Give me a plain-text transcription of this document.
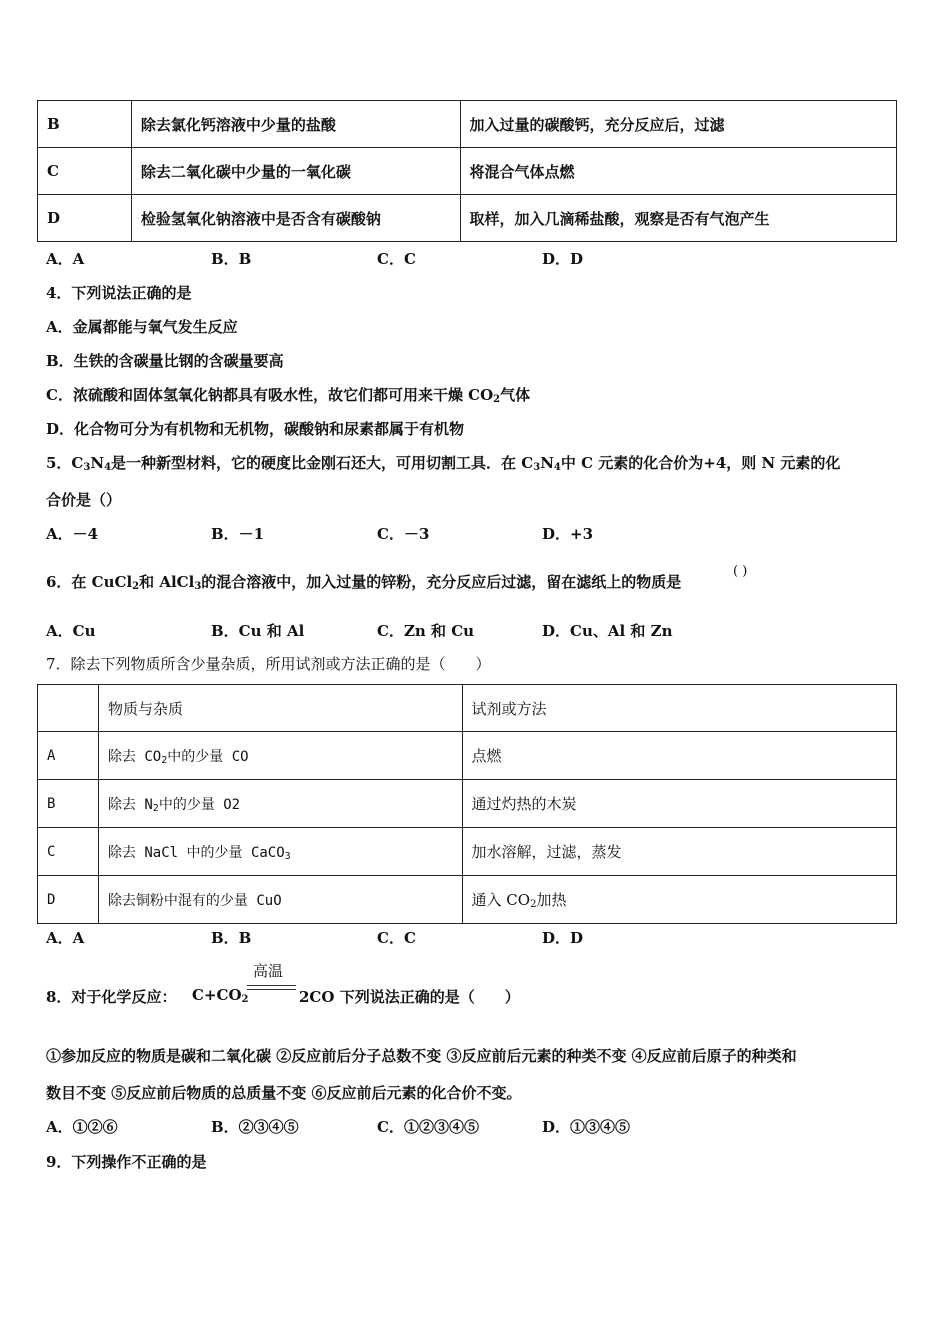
B	除去氯化钙溶液中少量的盐酸	加入过量的碳酸钙，充分反应后，过滤
C	除去二氧化碳中少量的一氧化碳	将混合气体点燃
D	检验氢氧化钠溶液中是否含有碳酸钠	取样，加入几滴稀盐酸，观察是否有气泡产生
A．A	B．B	C．C	D．D
4．下列说法正确的是
A．金属都能与氧气发生反应
B．生铁的含碳量比钢的含碳量要高
C．浓硫酸和固体氢氧化钠都具有吸水性，故它们都可用来干燥 $CO_2$气体
D．化合物可分为有机物和无机物，碳酸钠和尿素都属于有机物
5．$C_3N_4$是一种新型材料，它的硬度比金刚石还大，可用切割工具．在 $C_3N_4$中 C 元素的化合价为+4，则 N 元素的化
合价是（）
A．－4	B．－1	C．－3	D．+3
6．在 CuCl$_2$和 AlCl$_3$的混合溶液中，加入过量的锌粉，充分反应后过滤，留在滤纸上的物质是
( )
A．Cu	B．Cu 和 Al	C．Zn 和 Cu	D．Cu、Al 和 Zn
7．除去下列物质所含少量杂质，所用试剂或方法正确的是（　　）
	物质与杂质	试剂或方法
A	除去 $CO_2$中的少量 CO	点燃
B	除去 $N_2$中的少量 O2	通过灼热的木炭
C	除去 NaCl 中的少量 CaCO$_3$	加水溶解，过滤，蒸发
D	除去铜粉中混有的少量 CuO	通入 $CO_2$加热
A．A	B．B	C．C	D．D
8．对于化学反应： $C+CO_2$
高温
2CO 下列说法正确的是（　　）
①参加反应的物质是碳和二氧化碳 ②反应前后分子总数不变 ③反应前后元素的种类不变 ④反应前后原子的种类和
数目不变 ⑤反应前后物质的总质量不变 ⑥反应前后元素的化合价不变。
A．①②⑥	B．②③④⑤	C．①②③④⑤	D．①③④⑤
9．下列操作不正确的是
